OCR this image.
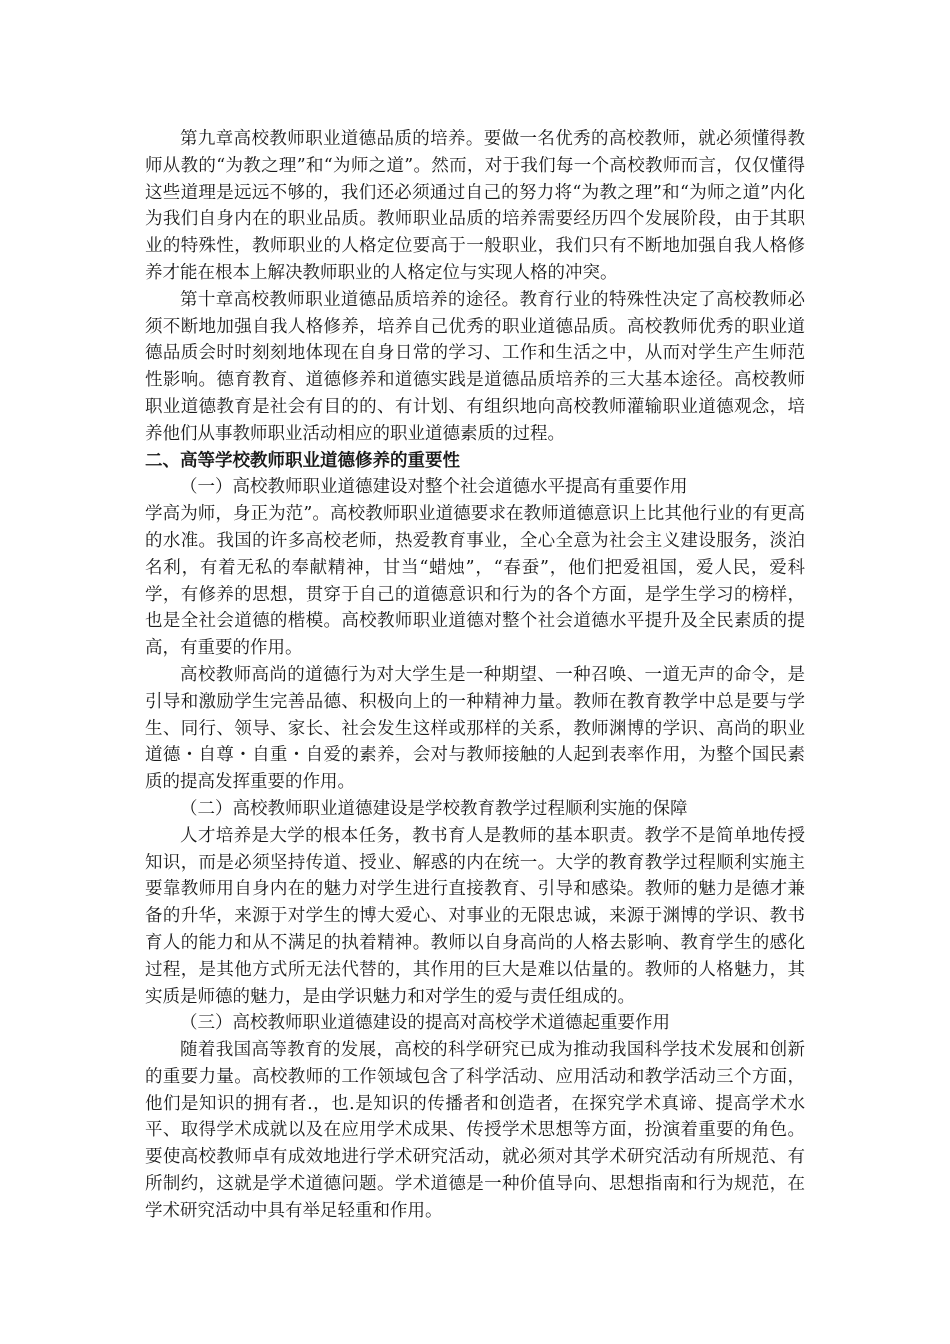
第九章高校教师职业道德品质的培养。要做一名优秀的高校教师，就必须懂得教师从教的“为教之理”和“为师之道”。然而，对于我们每一个高校教师而言，仅仅懂得这些道理是远远不够的，我们还必须通过自己的努力将“为教之理”和“为师之道”内化为我们自身内在的职业品质。教师职业品质的培养需要经历四个发展阶段，由于其职业的特殊性，教师职业的人格定位要高于一般职业，我们只有不断地加强自我人格修养才能在根本上解决教师职业的人格定位与实现人格的冲突。

第十章高校教师职业道德品质培养的途径。教育行业的特殊性决定了高校教师必须不断地加强自我人格修养，培养自己优秀的职业道德品质。高校教师优秀的职业道德品质会时时刻刻地体现在自身日常的学习、工作和生活之中，从而对学生产生师范性影响。德育教育、道德修养和道德实践是道德品质培养的三大基本途径。高校教师职业道德教育是社会有目的的、有计划、有组织地向高校教师灌输职业道德观念，培养他们从事教师职业活动相应的职业道德素质的过程。

二、高等学校教师职业道德修养的重要性

（一）高校教师职业道德建设对整个社会道德水平提高有重要作用

学高为师，身正为范”。高校教师职业道德要求在教师道德意识上比其他行业的有更高的水准。我国的许多高校老师，热爱教育事业，全心全意为社会主义建设服务，淡泊名利，有着无私的奉献精神，甘当“蜡烛”，“春蚕”，他们把爱祖国，爱人民，爱科学，有修养的思想，贯穿于自己的道德意识和行为的各个方面，是学生学习的榜样，也是全社会道德的楷模。高校教师职业道德对整个社会道德水平提升及全民素质的提高，有重要的作用。

高校教师高尚的道德行为对大学生是一种期望、一种召唤、一道无声的命令，是引导和激励学生完善品德、积极向上的一种精神力量。教师在教育教学中总是要与学生、同行、领导、家长、社会发生这样或那样的关系，教师渊博的学识、高尚的职业道德・自尊・自重・自爱的素养，会对与教师接触的人起到表率作用，为整个国民素质的提高发挥重要的作用。

（二）高校教师职业道德建设是学校教育教学过程顺利实施的保障

人才培养是大学的根本任务，教书育人是教师的基本职责。教学不是简单地传授知识，而是必须坚持传道、授业、解惑的内在统一。大学的教育教学过程顺利实施主要靠教师用自身内在的魅力对学生进行直接教育、引导和感染。教师的魅力是德才兼备的升华，来源于对学生的博大爱心、对事业的无限忠诚，来源于渊博的学识、教书育人的能力和从不满足的执着精神。教师以自身高尚的人格去影响、教育学生的感化过程，是其他方式所无法代替的，其作用的巨大是难以估量的。教师的人格魅力，其实质是师德的魅力，是由学识魅力和对学生的爱与责任组成的。

（三）高校教师职业道德建设的提高对高校学术道德起重要作用

随着我国高等教育的发展，高校的科学研究已成为推动我国科学技术发展和创新的重要力量。高校教师的工作领域包含了科学活动、应用活动和教学活动三个方面，他们是知识的拥有者.，也.是知识的传播者和创造者，在探究学术真谛、提高学术水平、取得学术成就以及在应用学术成果、传授学术思想等方面，扮演着重要的角色。要使高校教师卓有成效地进行学术研究活动，就必须对其学术研究活动有所规范、有所制约，这就是学术道德问题。学术道德是一种价值导向、思想指南和行为规范，在学术研究活动中具有举足轻重和作用。
